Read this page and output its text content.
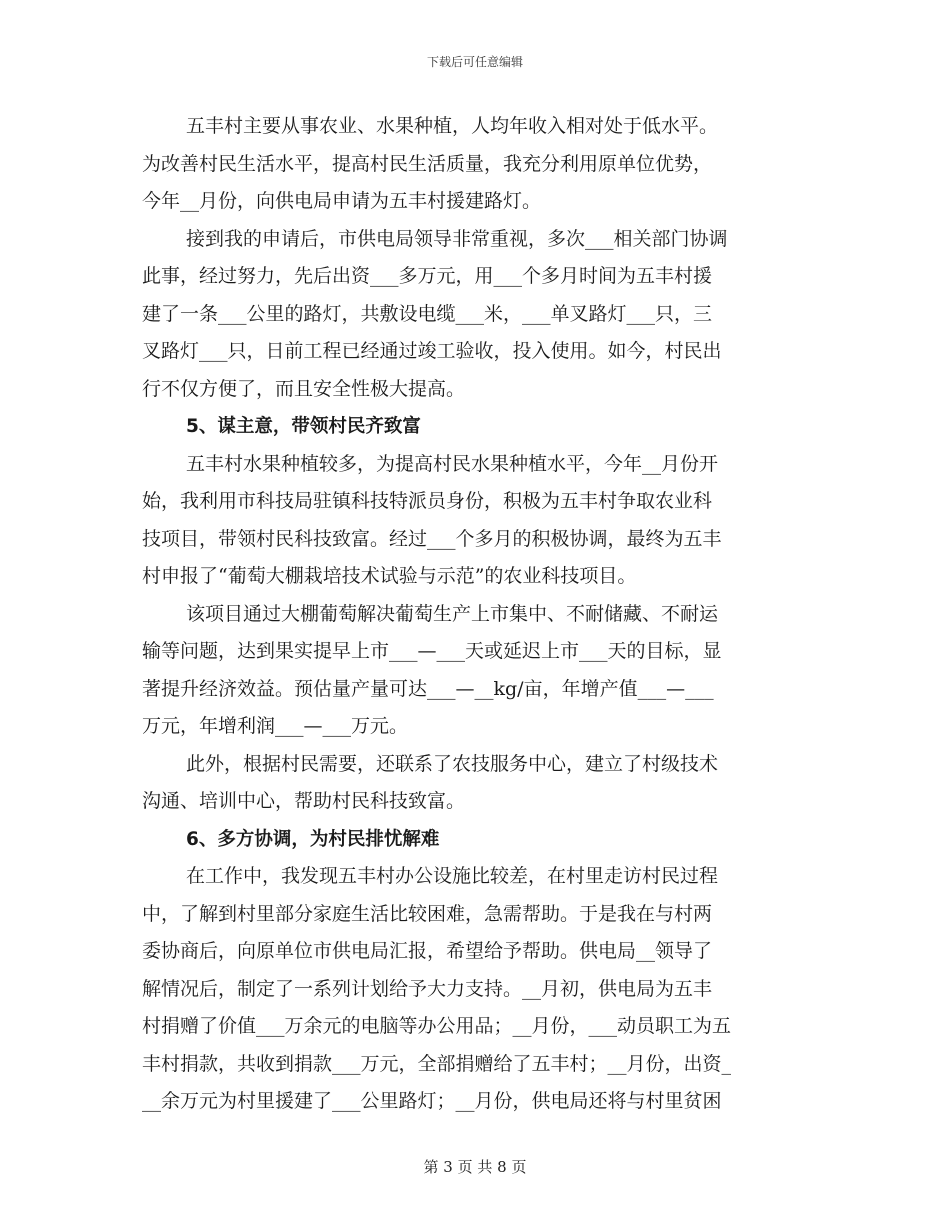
下载后可任意编辑
五丰村主要从事农业、水果种植，人均年收入相对处于低水平。
为改善村民生活水平，提高村民生活质量，我充分利用原单位优势，
今年__月份，向供电局申请为五丰村援建路灯。
接到我的申请后，市供电局领导非常重视，多次___相关部门协调
此事，经过努力，先后出资___多万元，用___个多月时间为五丰村援
建了一条___公里的路灯，共敷设电缆___米，___单叉路灯___只，三
叉路灯___只，日前工程已经通过竣工验收，投入使用。如今，村民出
行不仅方便了，而且安全性极大提高。
5、谋主意，带领村民齐致富
五丰村水果种植较多，为提高村民水果种植水平，今年__月份开
始，我利用市科技局驻镇科技特派员身份，积极为五丰村争取农业科
技项目，带领村民科技致富。经过___个多月的积极协调，最终为五丰
村申报了“葡萄大棚栽培技术试验与示范”的农业科技项目。
该项目通过大棚葡萄解决葡萄生产上市集中、不耐储藏、不耐运
输等问题，达到果实提早上市___—___天或延迟上市___天的目标，显
著提升经济效益。预估量产量可达___—__kg/亩，年增产值___—___
万元，年增利润___—___万元。
此外，根据村民需要，还联系了农技服务中心，建立了村级技术
沟通、培训中心，帮助村民科技致富。
6、多方协调，为村民排忧解难
在工作中，我发现五丰村办公设施比较差，在村里走访村民过程
中，了解到村里部分家庭生活比较困难，急需帮助。于是我在与村两
委协商后，向原单位市供电局汇报，希望给予帮助。供电局__领导了
解情况后，制定了一系列计划给予大力支持。__月初，供电局为五丰
村捐赠了价值___万余元的电脑等办公用品；__月份，___动员职工为五
丰村捐款，共收到捐款___万元，全部捐赠给了五丰村；__月份，出资_
__余万元为村里援建了___公里路灯；__月份，供电局还将与村里贫困
第 3 页 共 8 页
